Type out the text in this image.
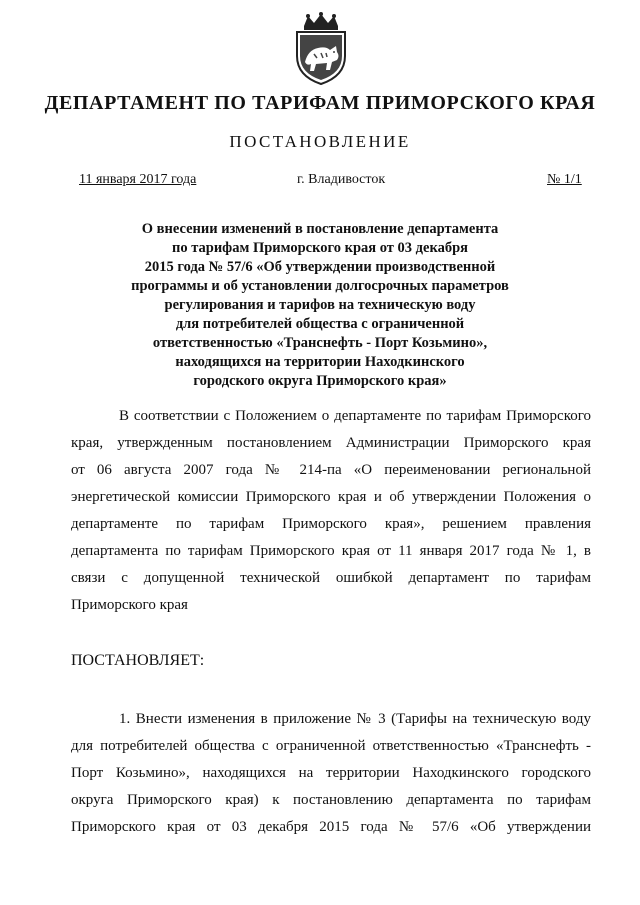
ДЕПАРТАМЕНТ ПО ТАРИФАМ ПРИМОРСКОГО КРАЯ
ПОСТАНОВЛЕНИЕ
11 января 2017 года	г. Владивосток	№ 1/1
О внесении изменений в постановление департамента
по тарифам Приморского края от 03 декабря
2015 года № 57/6 «Об утверждении производственной
программы и об установлении долгосрочных параметров
регулирования и тарифов на техническую воду
для потребителей общества с ограниченной
ответственностью «Транснефть - Порт Козьмино»,
находящихся на территории Находкинского
городского округа Приморского края»
В соответствии с Положением о департаменте по тарифам Приморского
края, утвержденным постановлением Администрации Приморского края
от 06 августа 2007 года № 214-па «О переименовании региональной
энергетической комиссии Приморского края и об утверждении Положения о
департаменте по тарифам Приморского края», решением правления
департамента по тарифам Приморского края от 11 января 2017 года № 1, в
связи с допущенной технической ошибкой департамент по тарифам
Приморского края
ПОСТАНОВЛЯЕТ:
1. Внести изменения в приложение № 3 (Тарифы на техническую воду
для потребителей общества с ограниченной ответственностью «Транснефть -
Порт Козьмино», находящихся на территории Находкинского городского
округа Приморского края) к постановлению департамента по тарифам
Приморского края от 03 декабря 2015 года № 57/6 «Об утверждении
